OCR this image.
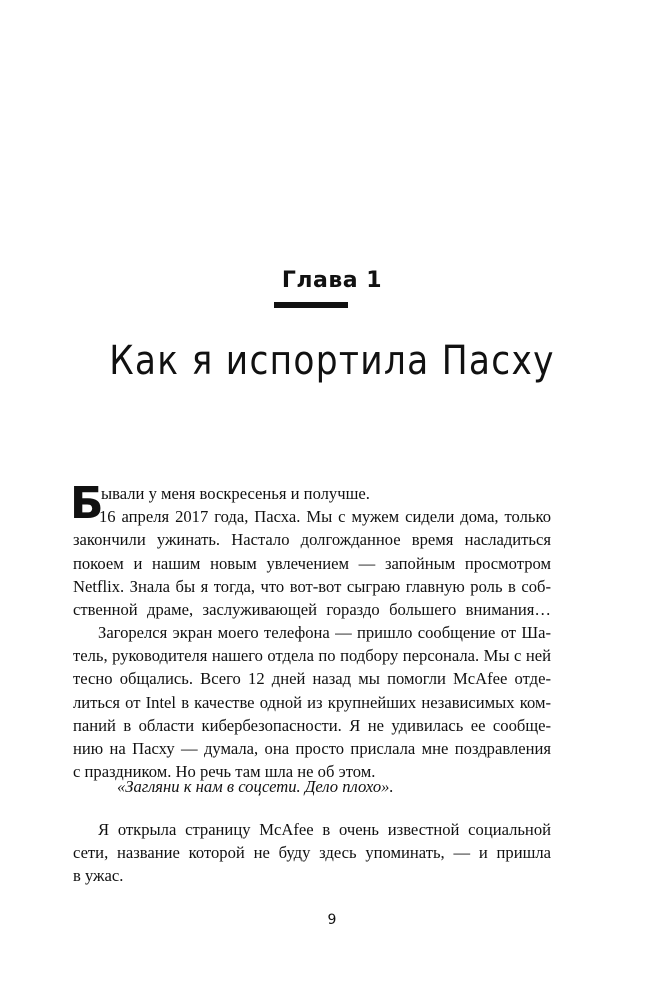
Глава 1
Как я испортила Пасху
Б
ывали у меня воскресенья и получше.
16 апреля 2017 года, Пасха. Мы с мужем сидели дома, только
закончили ужинать. Настало долгожданное время насладиться
покоем и нашим новым увлечением — запойным просмотром
Netflix. Знала бы я тогда, что вот-вот сыграю главную роль в соб-
ственной драме, заслуживающей гораздо большего внимания…
Загорелся экран моего телефона — пришло сообщение от Ша-
тель, руководителя нашего отдела по подбору персонала. Мы с ней
тесно общались. Всего 12 дней назад мы помогли McAfee отде-
литься от Intel в качестве одной из крупнейших независимых ком-
паний в области кибербезопасности. Я не удивилась ее сообще-
нию на Пасху — думала, она просто прислала мне поздравления
с праздником. Но речь там шла не об этом.
«Загляни к нам в соцсети. Дело плохо».
Я открыла страницу McAfee в очень известной социальной
сети, название которой не буду здесь упоминать, — и пришла
в ужас.
9
